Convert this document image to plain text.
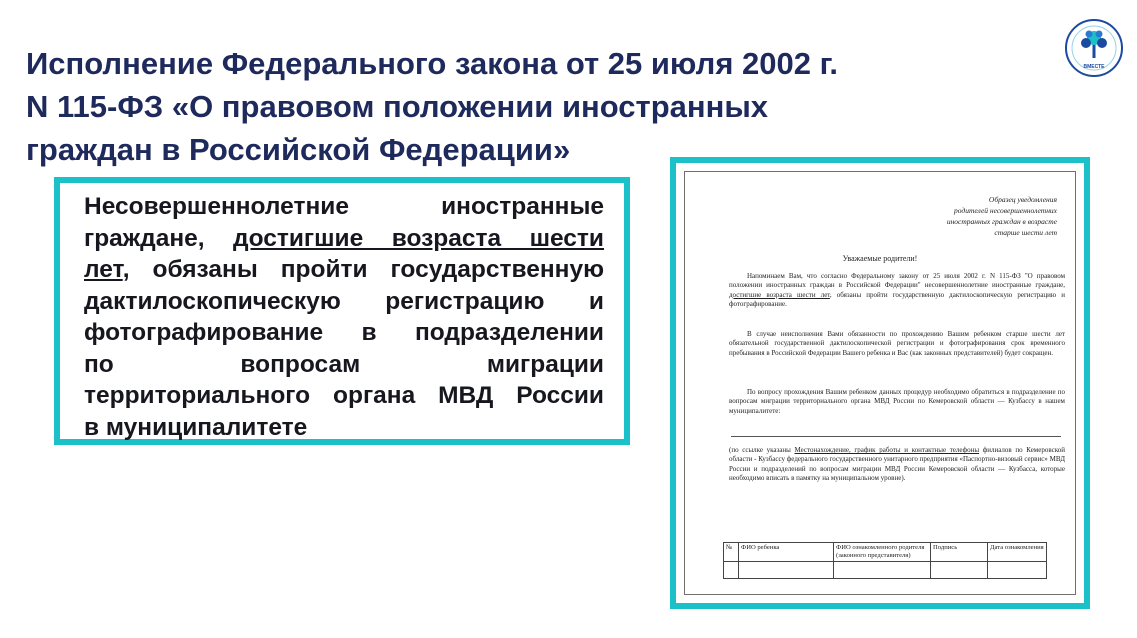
Исполнение Федерального закона от 25 июля 2002 г.
N 115-ФЗ «О правовом положении иностранных
граждан в Российской Федерации»
ВМЕСТЕ
Несовершеннолетние иностранные
граждане, достигшие возраста шести
лет, обязаны пройти государственную
дактилоскопическую регистрацию и
фотографирование в подразделении
по вопросам миграции
территориального органа МВД России
в муниципалитете
Образец уведомления
родителей несовершеннолетних
иностранных граждан в возрасте
старше шести лет
Уважаемые родители!
Напоминаем Вам, что согласно Федеральному закону от 25 июля 2002 г. N 115-ФЗ "О правовом положении иностранных граждан в Российской Федерации" несовершеннолетние иностранные граждане, достигшие возраста шести лет, обязаны пройти государственную дактилоскопическую регистрацию и фотографирование.
В случае неисполнения Вами обязанности по прохождению Вашим ребенком старше шести лет обязательной государственной дактилоскопической регистрации и фотографирования срок временного пребывания в Российской Федерации Вашего ребенка и Вас (как законных представителей) будет сокращен.
По вопросу прохождения Вашим ребенком данных процедур необходимо обратиться в подразделение по вопросам миграции территориального органа МВД России по Кемеровской области — Кузбассу в нашем муниципалитете:
(по ссылке указаны Местонахождение, график работы и контактные телефоны филиалов по Кемеровской области - Кузбассу федерального государственного унитарного предприятия «Паспортно-визовый сервис» МВД России и подразделений по вопросам миграции МВД России Кемеровской области — Кузбасса, которые необходимо вписать в памятку на муниципальном уровне).
№	ФИО ребенка	ФИО ознакомленного родителя (законного представителя)	Подпись	Дата ознакомления
